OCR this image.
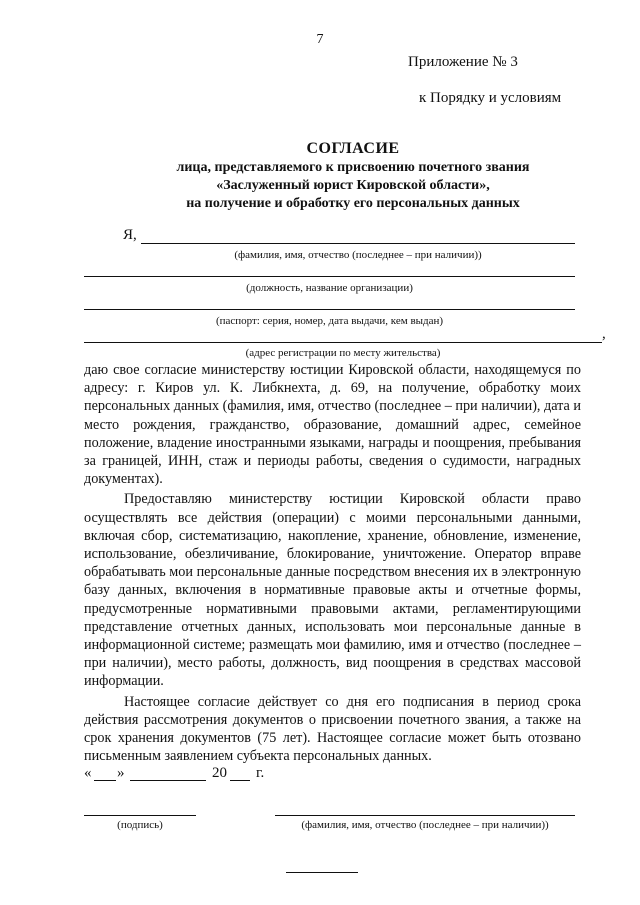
7
Приложение № 3
к Порядку и условиям
СОГЛАСИЕ
лица, представляемого к присвоению почетного звания
«Заслуженный юрист Кировской области»,
на получение и обработку его персональных данных
Я,
(фамилия, имя, отчество (последнее – при наличии))
(должность, название организации)
(паспорт: серия, номер, дата выдачи, кем выдан)
,
(адрес регистрации по месту жительства)

даю свое согласие министерству юстиции Кировской области, находящемуся по адресу: г. Киров ул. К. Либкнехта, д. 69, на получение, обработку моих персональных данных (фамилия, имя, отчество (последнее – при наличии), дата и место рождения, гражданство, образование, домашний адрес, семейное положение, владение иностранными языками, награды и поощрения, пребывания за границей, ИНН, стаж и периоды работы, сведения о судимости, наградных документах).

Предоставляю министерству юстиции Кировской области право осуществлять все действия (операции) с моими персональными данными, включая сбор, систематизацию, накопление, хранение, обновление, изменение, использование, обезличивание, блокирование, уничтожение. Оператор вправе обрабатывать мои персональные данные посредством внесения их в электронную базу данных, включения в нормативные правовые акты и отчетные формы, предусмотренные нормативными правовыми актами, регламентирующими представление отчетных данных, использовать мои персональные данные в информационной системе; размещать мои фамилию, имя и отчество (последнее – при наличии), место работы, должность, вид поощрения в средствах массовой информации.

Настоящее согласие действует со дня его подписания в период срока действия рассмотрения документов о присвоении почетного звания, а также на срок хранения документов (75 лет). Настоящее согласие может быть отозвано письменным заявлением субъекта персональных данных.

« »	20 г.
(подпись)	(фамилия, имя, отчество (последнее – при наличии))
